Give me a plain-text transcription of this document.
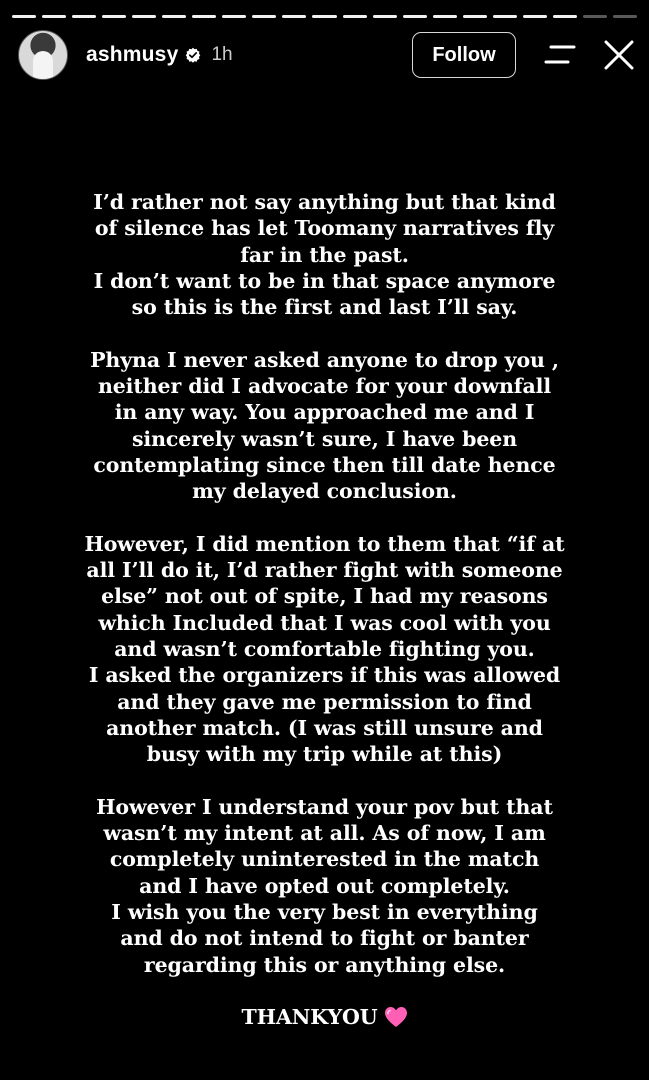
ashmusy 1h	Follow

I’d rather not say anything but that kind
of silence has let Toomany narratives fly
far in the past.
I don’t want to be in that space anymore
so this is the first and last I’ll say.

Phyna I never asked anyone to drop you ,
neither did I advocate for your downfall
in any way. You approached me and I
sincerely wasn’t sure, I have been
contemplating since then till date hence
my delayed conclusion.

However, I did mention to them that “if at
all I’ll do it, I’d rather fight with someone
else” not out of spite, I had my reasons
which Included that I was cool with you
and wasn’t comfortable fighting you.
I asked the organizers if this was allowed
and they gave me permission to find
another match. (I was still unsure and
busy with my trip while at this)

However I understand your pov but that
wasn’t my intent at all. As of now, I am
completely uninterested in the match
and I have opted out completely.
I wish you the very best in everything
and do not intend to fight or banter
regarding this or anything else.

THANKYOU
